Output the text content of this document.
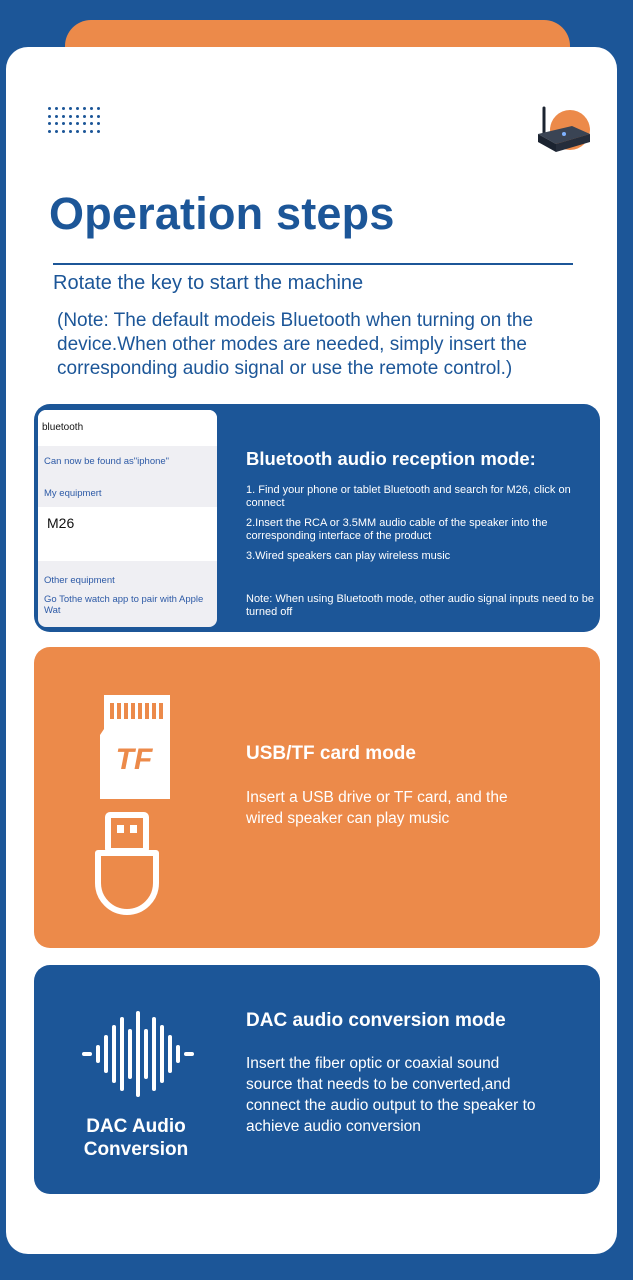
Operation steps

Rotate the key to start the machine

(Note: The default modeis Bluetooth when turning on the device.When other modes are needed, simply insert the corresponding audio signal or use the remote control.)

bluetooth
Can now be found as"iphone"
My equipmert
M26
Other equipment
Go Tothe watch app to pair with Apple Wat
Bluetooth audio reception mode:
1. Find your phone or tablet Bluetooth and search for M26, click on connect
2.Insert the RCA or 3.5MM audio cable of the speaker into the corresponding interface of the product
3.Wired speakers can play wireless music

Note: When using Bluetooth mode, other audio signal inputs need to be turned off

TF	USB/TF card mode

Insert a USB drive or TF card, and the wired speaker can play music

DAC Audio Conversion

DAC audio conversion mode

Insert the fiber optic or coaxial sound source that needs to be converted,and connect the audio output to the speaker to achieve audio conversion
